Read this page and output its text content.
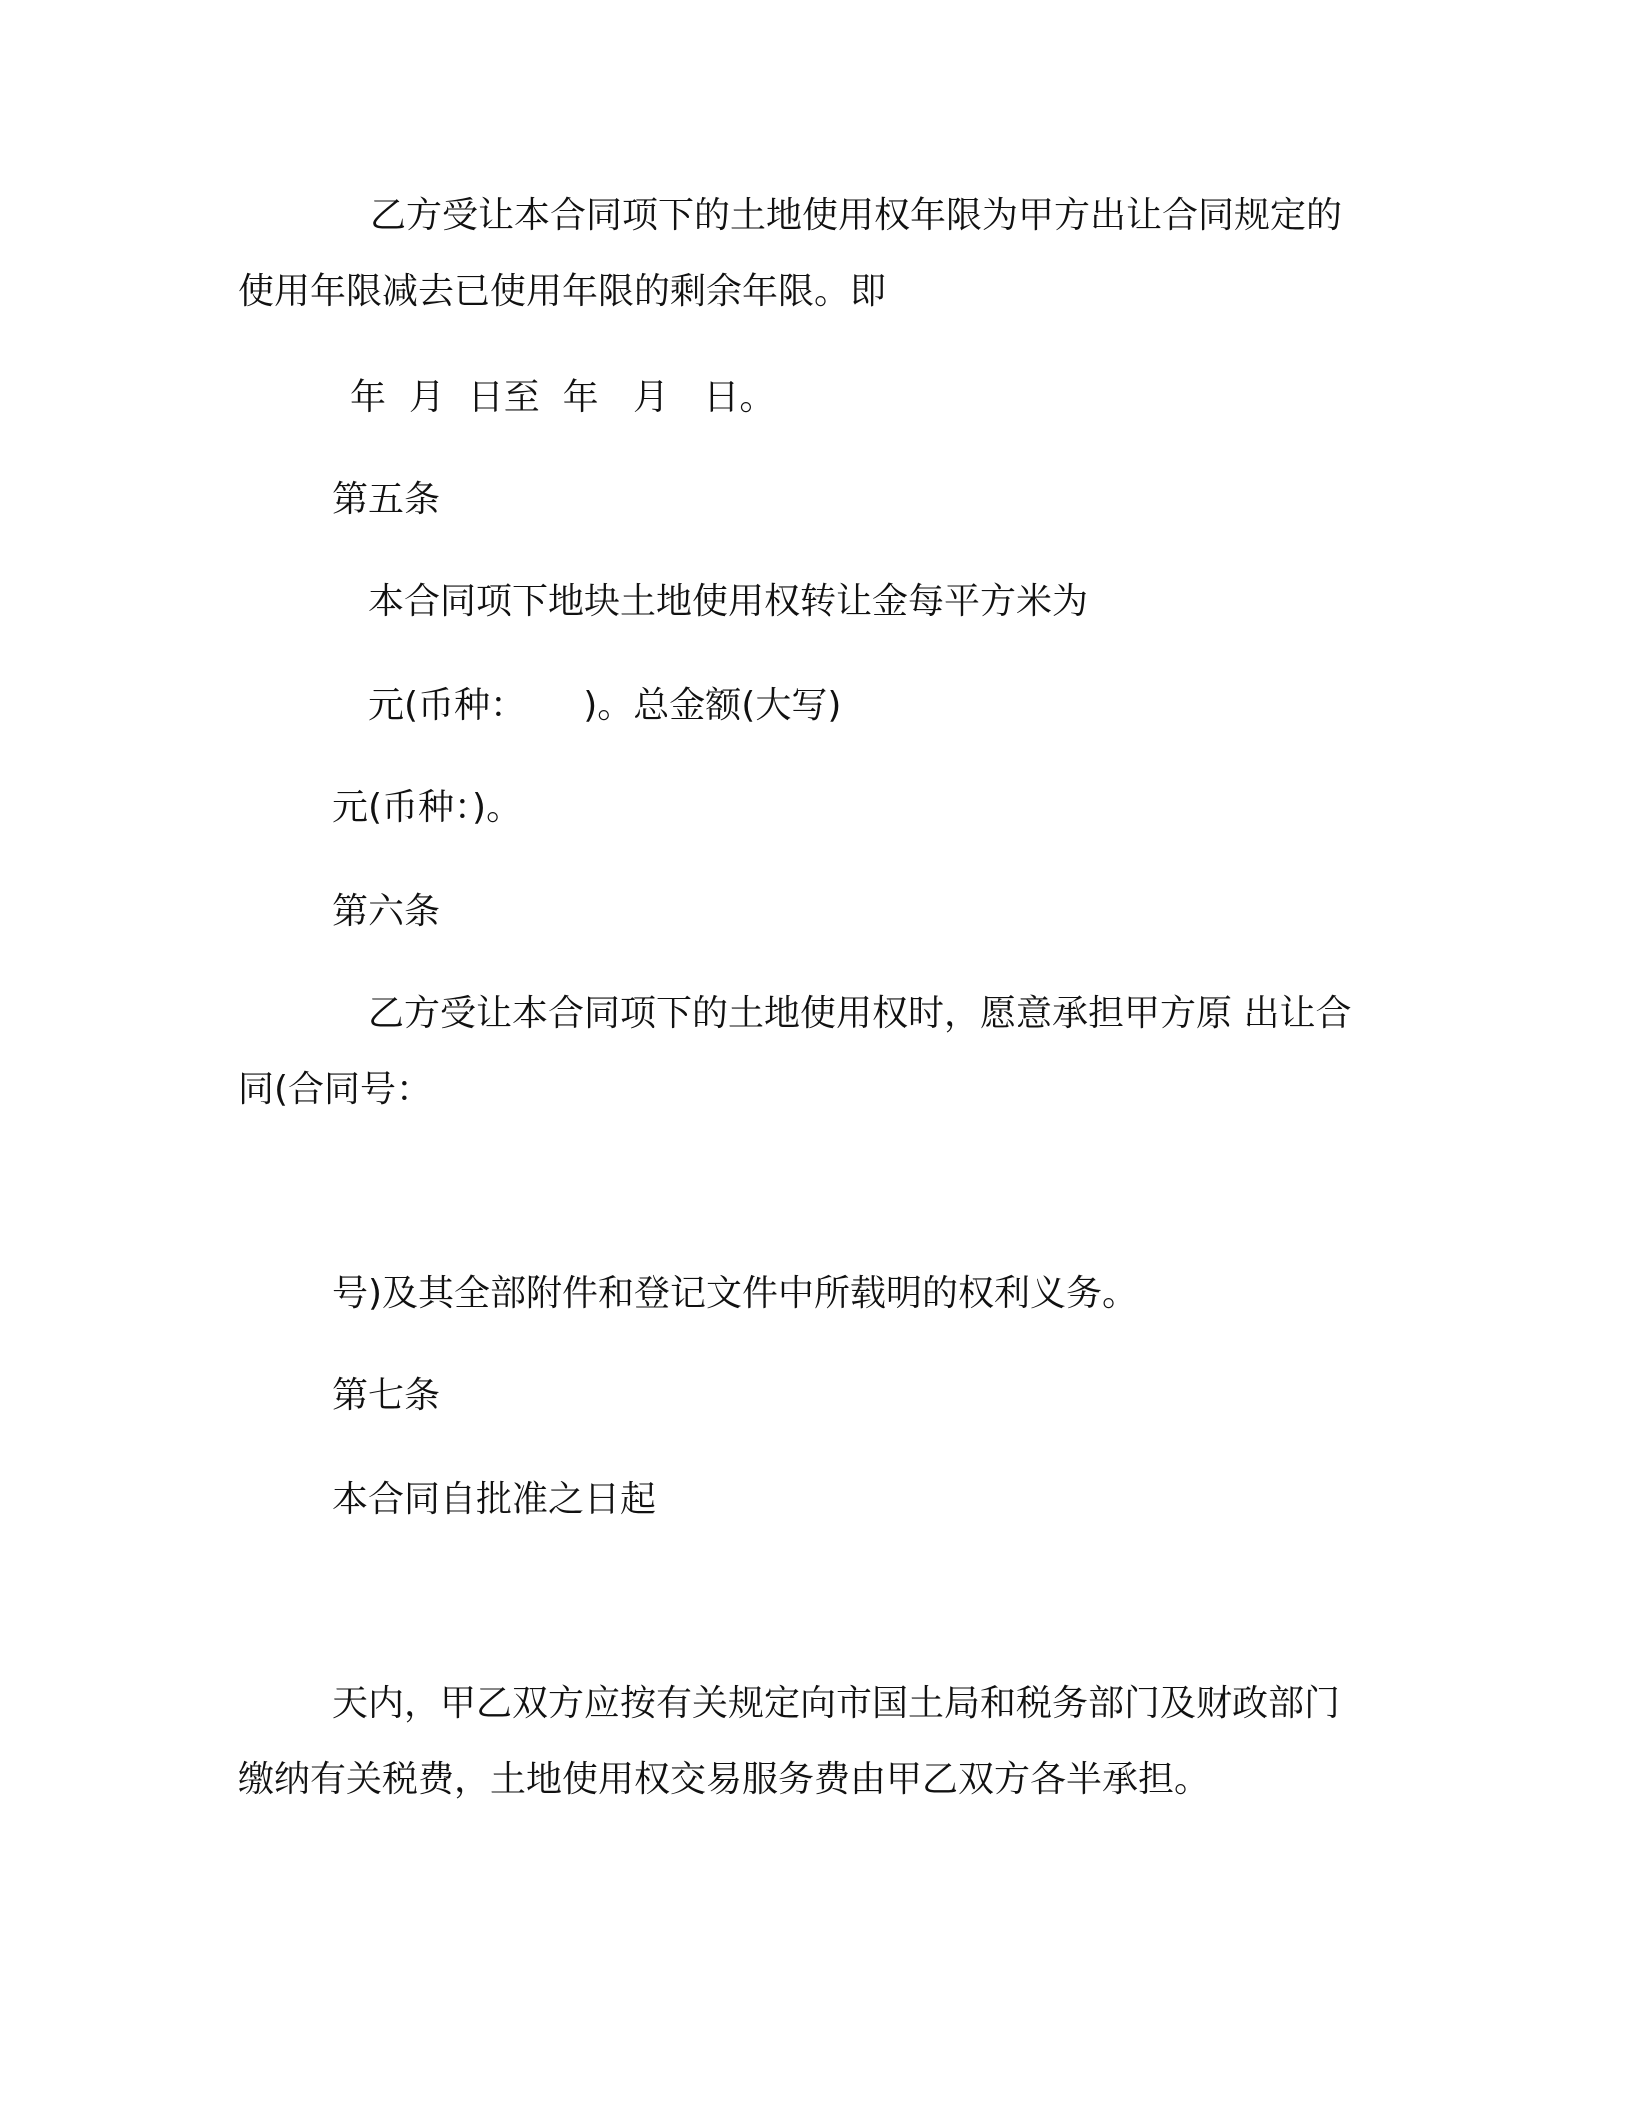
乙方受让本合同项下的土地使用权年限为甲方出让合同规定的

使用年限减去已使用年限的剩余年限。即

年  月  日至  年   月   日。

第五条

本合同项下地块土地使用权转让金每平方米为

元(币种：     )。总金额(大写)

元(币种：)。

第六条

乙方受让本合同项下的土地使用权时，愿意承担甲方原 出让合

同(合同号：

号)及其全部附件和登记文件中所载明的权利义务。

第七条

本合同自批准之日起

天内，甲乙双方应按有关规定向市国土局和税务部门及财政部门

缴纳有关税费，土地使用权交易服务费由甲乙双方各半承担。
